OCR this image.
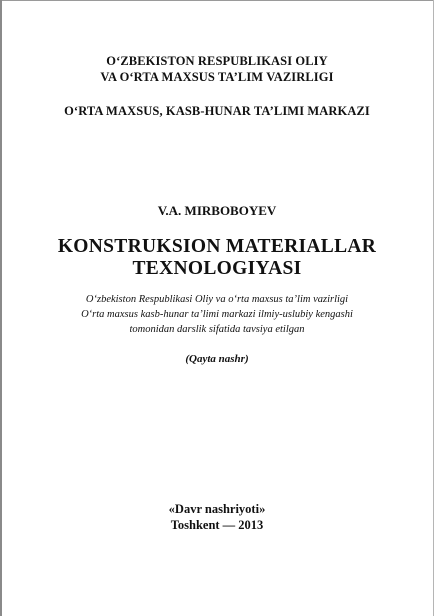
O‘ZBEKISTON RESPUBLIKASI OLIY
VA O‘RTA MAXSUS TA’LIM VAZIRLIGI
O‘RTA MAXSUS, KASB-HUNAR TA’LIMI MARKAZI
V.A. MIRBOBOYEV
KONSTRUKSION MATERIALLAR
TEXNOLOGIYASI
O‘zbekiston Respublikasi Oliy va o‘rta maxsus ta’lim vazirligi
O‘rta maxsus kasb-hunar ta’limi markazi ilmiy-uslubiy kengashi
tomonidan darslik sifatida tavsiya etilgan
(Qayta nashr)
«Davr nashriyoti»
Toshkent — 2013
